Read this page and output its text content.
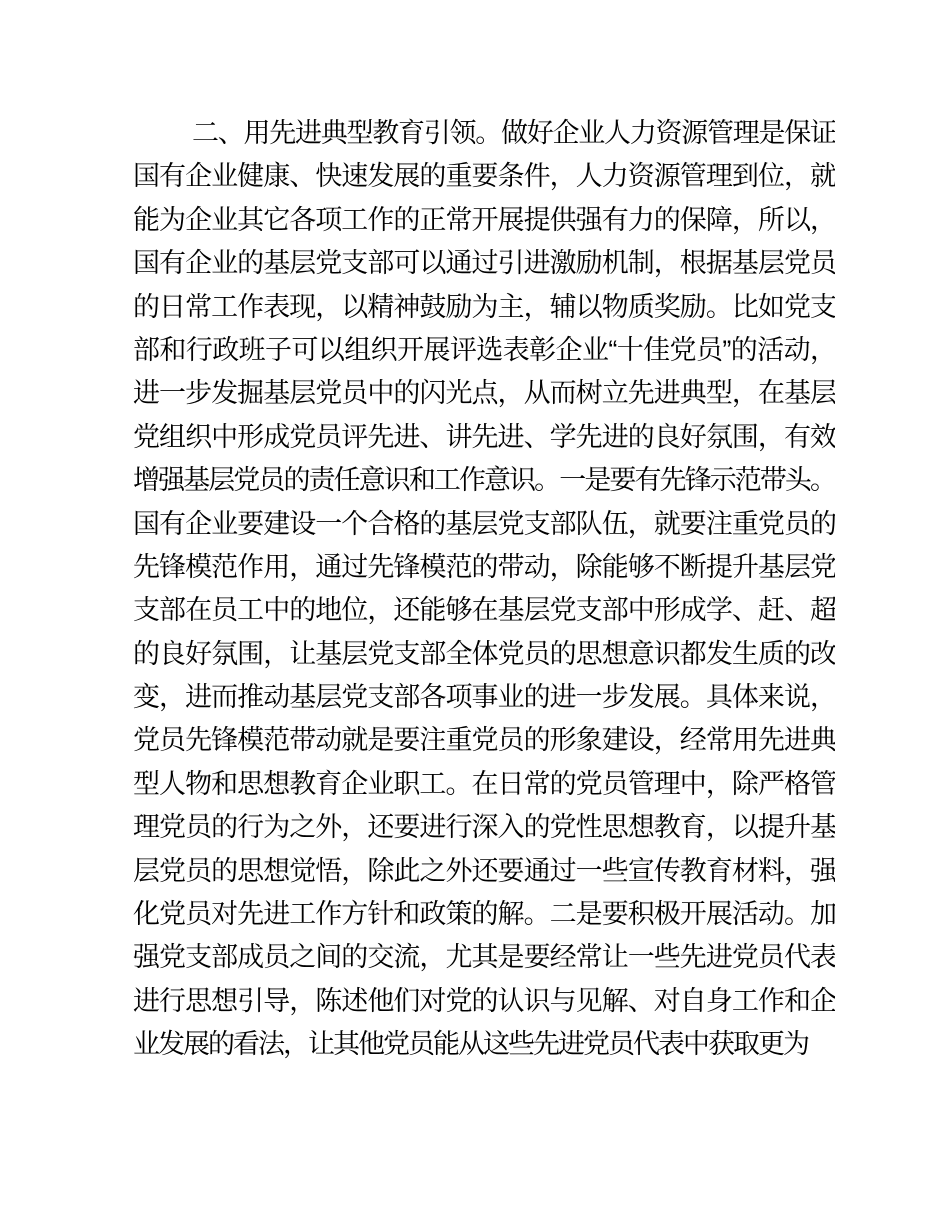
二、用先进典型教育引领。做好企业人力资源管理是保证
国有企业健康、快速发展的重要条件，人力资源管理到位，就
能为企业其它各项工作的正常开展提供强有力的保障，所以，
国有企业的基层党支部可以通过引进激励机制，根据基层党员
的日常工作表现，以精神鼓励为主，辅以物质奖励。比如党支
部和行政班子可以组织开展评选表彰企业“十佳党员”的活动，
进一步发掘基层党员中的闪光点，从而树立先进典型，在基层
党组织中形成党员评先进、讲先进、学先进的良好氛围，有效
增强基层党员的责任意识和工作意识。一是要有先锋示范带头。
国有企业要建设一个合格的基层党支部队伍，就要注重党员的
先锋模范作用，通过先锋模范的带动，除能够不断提升基层党
支部在员工中的地位，还能够在基层党支部中形成学、赶、超
的良好氛围，让基层党支部全体党员的思想意识都发生质的改
变，进而推动基层党支部各项事业的进一步发展。具体来说，
党员先锋模范带动就是要注重党员的形象建设，经常用先进典
型人物和思想教育企业职工。在日常的党员管理中，除严格管
理党员的行为之外，还要进行深入的党性思想教育，以提升基
层党员的思想觉悟，除此之外还要通过一些宣传教育材料，强
化党员对先进工作方针和政策的解。二是要积极开展活动。加
强党支部成员之间的交流，尤其是要经常让一些先进党员代表
进行思想引导，陈述他们对党的认识与见解、对自身工作和企
业发展的看法，让其他党员能从这些先进党员代表中获取更为
